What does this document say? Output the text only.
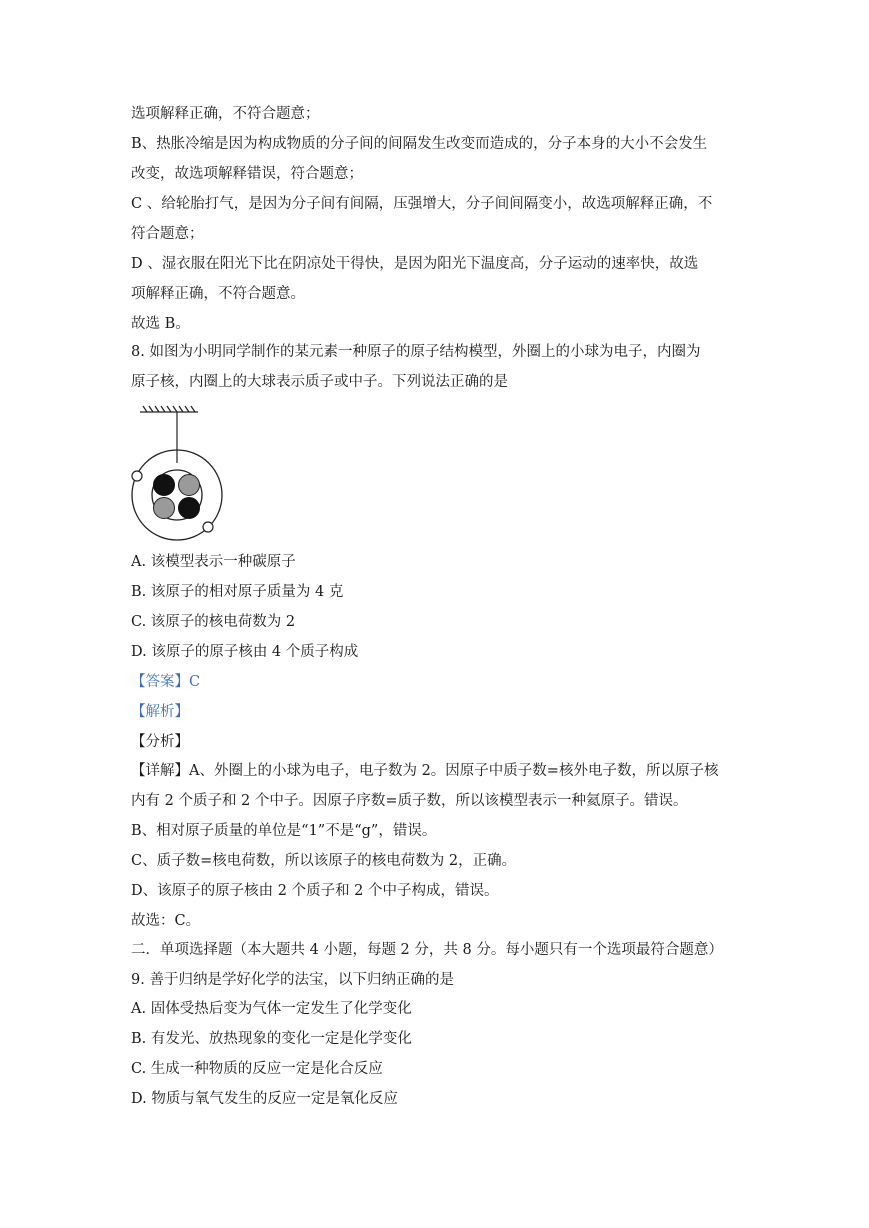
选项解释正确，不符合题意；
B、热胀冷缩是因为构成物质的分子间的间隔发生改变而造成的，分子本身的大小不会发生
改变，故选项解释错误，符合题意；
C 、给轮胎打气，是因为分子间有间隔，压强增大，分子间间隔变小，故选项解释正确，不
符合题意；
D 、湿衣服在阳光下比在阴凉处干得快，是因为阳光下温度高，分子运动的速率快，故选
项解释正确，不符合题意。
故选 B。
8. 如图为小明同学制作的某元素一种原子的原子结构模型，外圈上的小球为电子，内圈为
原子核，内圈上的大球表示质子或中子。下列说法正确的是
A. 该模型表示一种碳原子
B. 该原子的相对原子质量为 4 克
C. 该原子的核电荷数为 2
D. 该原子的原子核由 4 个质子构成
【答案】C
【解析】
【分析】
【详解】A、外圈上的小球为电子，电子数为 2。因原子中质子数=核外电子数，所以原子核
内有 2 个质子和 2 个中子。因原子序数=质子数，所以该模型表示一种氦原子。错误。
B、相对原子质量的单位是“1”不是“g”，错误。
C、质子数=核电荷数，所以该原子的核电荷数为 2，正确。
D、该原子的原子核由 2 个质子和 2 个中子构成，错误。
故选：C。
二．单项选择题（本大题共 4 小题，每题 2 分，共 8 分。每小题只有一个选项最符合题意）
9. 善于归纳是学好化学的法宝，以下归纳正确的是
A. 固体受热后变为气体一定发生了化学变化
B. 有发光、放热现象的变化一定是化学变化
C. 生成一种物质的反应一定是化合反应
D. 物质与氧气发生的反应一定是氧化反应
